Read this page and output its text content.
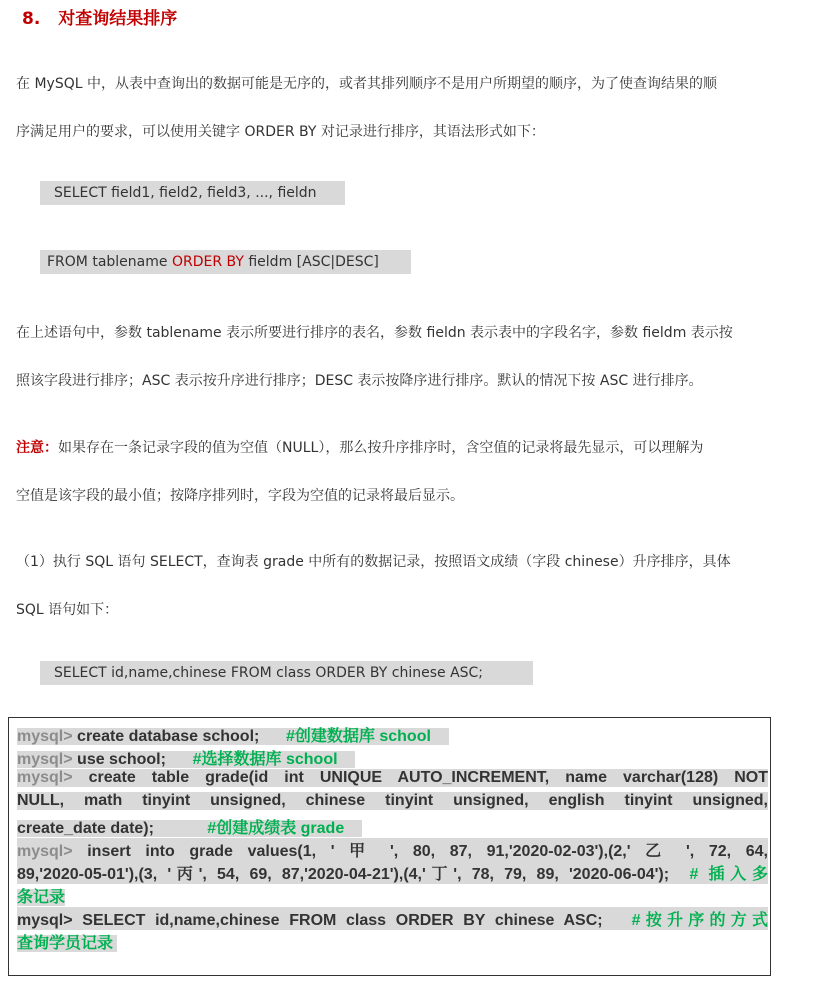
8. 对查询结果排序
在 MySQL 中，从表中查询出的数据可能是无序的，或者其排列顺序不是用户所期望的顺序，为了使查询结果的顺
序满足用户的要求，可以使用关键字 ORDER BY 对记录进行排序，其语法形式如下：
SELECT field1, field2, field3, ..., fieldn
FROM tablename ORDER BY fieldm [ASC|DESC]
在上述语句中，参数 tablename 表示所要进行排序的表名，参数 fieldn 表示表中的字段名字，参数 fieldm 表示按
照该字段进行排序；ASC 表示按升序进行排序；DESC 表示按降序进行排序。默认的情况下按 ASC 进行排序。
注意：如果存在一条记录字段的值为空值（NULL），那么按升序排序时，含空值的记录将最先显示，可以理解为
空值是该字段的最小值；按降序排列时，字段为空值的记录将最后显示。
（1）执行 SQL 语句 SELECT，查询表 grade 中所有的数据记录，按照语文成绩（字段 chinese）升序排序，具体
SQL 语句如下：
SELECT id,name,chinese FROM class ORDER BY chinese ASC;
mysql> create database school; #创建数据库 school
mysql> use school; #选择数据库 school
mysql> create table grade(id int UNIQUE AUTO_INCREMENT, name varchar(128) NOT
NULL, math tinyint unsigned, chinese tinyint unsigned, english tinyint unsigned,
create_date date);	#创建成绩表 grade
mysql> insert into grade values(1, ' 甲 ', 80, 87, 91,'2020-02-03'),(2,' 乙 ', 72, 64,
89,'2020-05-01'),(3, '丙', 54, 69, 87,'2020-04-21'),(4,'丁', 78, 79, 89, '2020-06-04'); # 插入多
条记录
mysql> SELECT id,name,chinese FROM class ORDER BY chinese ASC; #按升序的方式
查询学员记录
